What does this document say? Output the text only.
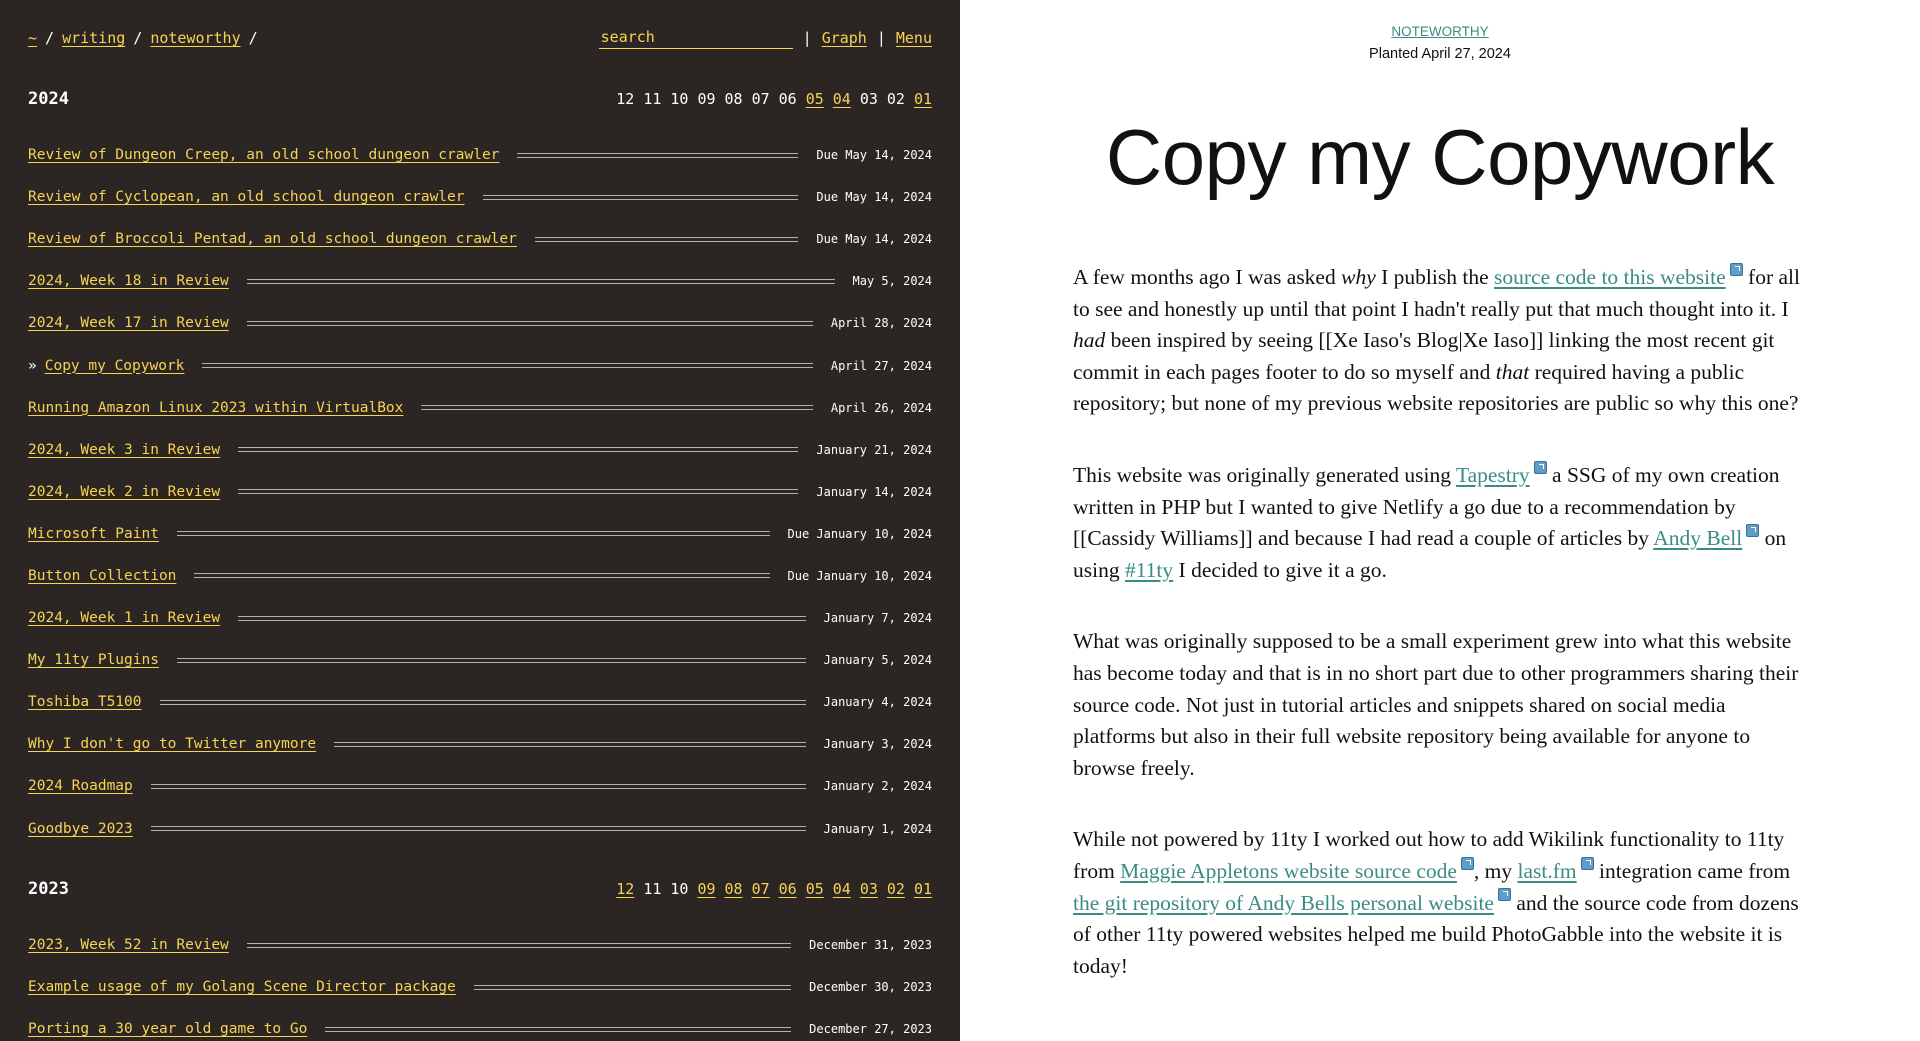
~ / writing / noteworthy /
search	| Graph | Menu
2024	12 11 10 09 08 07 06 05 04 03 02 01
Review of Dungeon Creep, an old school dungeon crawler	Due May 14, 2024
Review of Cyclopean, an old school dungeon crawler	Due May 14, 2024
Review of Broccoli Pentad, an old school dungeon crawler	Due May 14, 2024
2024, Week 18 in Review	May 5, 2024
2024, Week 17 in Review	April 28, 2024
» Copy my Copywork	April 27, 2024
Running Amazon Linux 2023 within VirtualBox	April 26, 2024
2024, Week 3 in Review	January 21, 2024
2024, Week 2 in Review	January 14, 2024
Microsoft Paint	Due January 10, 2024
Button Collection	Due January 10, 2024
2024, Week 1 in Review	January 7, 2024
My 11ty Plugins	January 5, 2024
Toshiba T5100	January 4, 2024
Why I don't go to Twitter anymore	January 3, 2024
2024 Roadmap	January 2, 2024
Goodbye 2023	January 1, 2024
2023	12 11 10 09 08 07 06 05 04 03 02 01
2023, Week 52 in Review	December 31, 2023
Example usage of my Golang Scene Director package	December 30, 2023
Porting a 30 year old game to Go	December 27, 2023
NOTEWORTHY
Planted April 27, 2024
Copy my Copywork

A few months ago I was asked why I publish the source code to this website for all to see and honestly up until that point I hadn't really put that much thought into it. I had been inspired by seeing [[Xe Iaso's Blog|Xe Iaso]] linking the most recent git commit in each pages footer to do so myself and that required having a public repository; but none of my previous website repositories are public so why this one?

This website was originally generated using Tapestry a SSG of my own creation written in PHP but I wanted to give Netlify a go due to a recommendation by [[Cassidy Williams]] and because I had read a couple of articles by Andy Bell on using #11ty I decided to give it a go.

What was originally supposed to be a small experiment grew into what this website has become today and that is in no short part due to other programmers sharing their source code. Not just in tutorial articles and snippets shared on social media platforms but also in their full website repository being available for anyone to browse freely.

While not powered by 11ty I worked out how to add Wikilink functionality to 11ty from Maggie Appletons website source code , my last.fm integration came from the git repository of Andy Bells personal website and the source code from dozens of other 11ty powered websites helped me build PhotoGabble into the website it is today!
